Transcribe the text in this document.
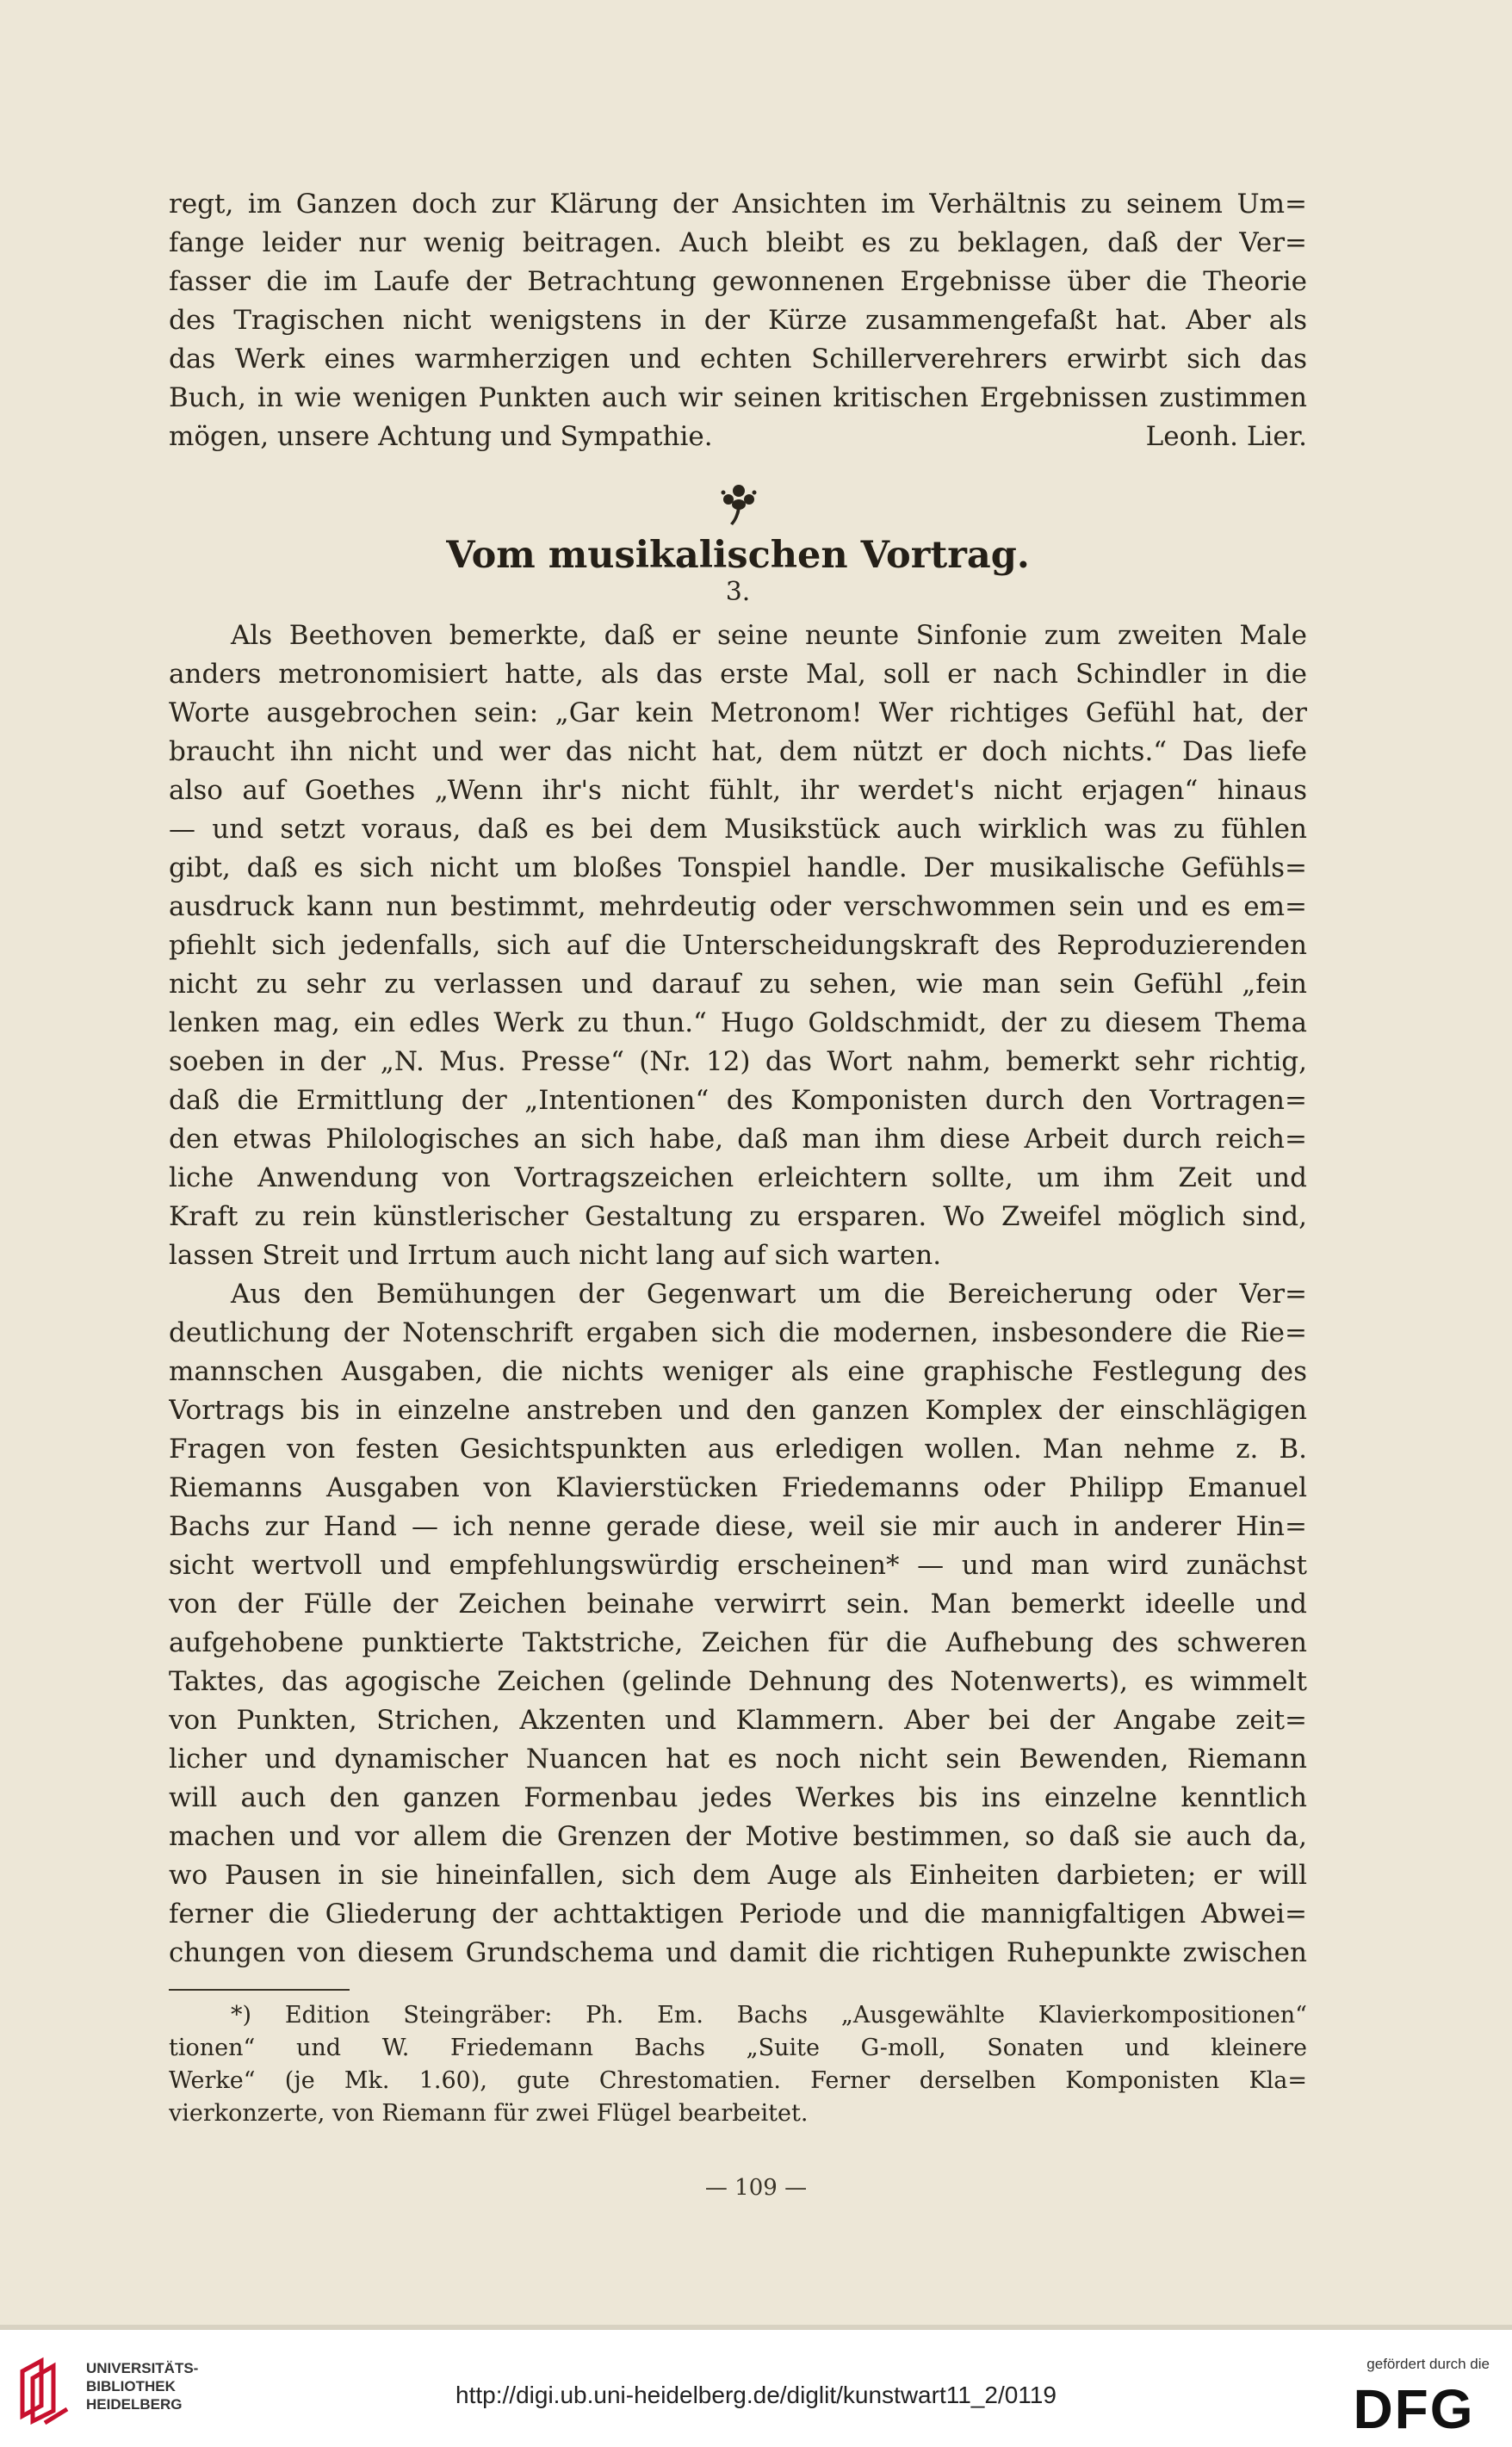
regt, im Ganzen doch zur Klärung der Ansichten im Verhältnis zu seinem Um=
fange leider nur wenig beitragen. Auch bleibt es zu beklagen, daß der Ver=
fasser die im Laufe der Betrachtung gewonnenen Ergebnisse über die Theorie
des Tragischen nicht wenigstens in der Kürze zusammengefaßt hat. Aber als
das Werk eines warmherzigen und echten Schillerverehrers erwirbt sich das
Buch, in wie wenigen Punkten auch wir seinen kritischen Ergebnissen zustimmen
mögen, unsere Achtung und Sympathie.	Leonh. Lier.
Vom musikalischen Vortrag.
3.
Als Beethoven bemerkte, daß er seine neunte Sinfonie zum zweiten Male
anders metronomisiert hatte, als das erste Mal, soll er nach Schindler in die
Worte ausgebrochen sein: „Gar kein Metronom! Wer richtiges Gefühl hat, der
braucht ihn nicht und wer das nicht hat, dem nützt er doch nichts.“ Das liefe
also auf Goethes „Wenn ihr's nicht fühlt, ihr werdet's nicht erjagen“ hinaus
— und setzt voraus, daß es bei dem Musikstück auch wirklich was zu fühlen
gibt, daß es sich nicht um bloßes Tonspiel handle. Der musikalische Gefühls=
ausdruck kann nun bestimmt, mehrdeutig oder verschwommen sein und es em=
pfiehlt sich jedenfalls, sich auf die Unterscheidungskraft des Reproduzierenden
nicht zu sehr zu verlassen und darauf zu sehen, wie man sein Gefühl „fein
lenken mag, ein edles Werk zu thun.“ Hugo Goldschmidt, der zu diesem Thema
soeben in der „N. Mus. Presse“ (Nr. 12) das Wort nahm, bemerkt sehr richtig,
daß die Ermittlung der „Intentionen“ des Komponisten durch den Vortragen=
den etwas Philologisches an sich habe, daß man ihm diese Arbeit durch reich=
liche Anwendung von Vortragszeichen erleichtern sollte, um ihm Zeit und
Kraft zu rein künstlerischer Gestaltung zu ersparen. Wo Zweifel möglich sind,
lassen Streit und Irrtum auch nicht lang auf sich warten.
Aus den Bemühungen der Gegenwart um die Bereicherung oder Ver=
deutlichung der Notenschrift ergaben sich die modernen, insbesondere die Rie=
mannschen Ausgaben, die nichts weniger als eine graphische Festlegung des
Vortrags bis in einzelne anstreben und den ganzen Komplex der einschlägigen
Fragen von festen Gesichtspunkten aus erledigen wollen. Man nehme z. B.
Riemanns Ausgaben von Klavierstücken Friedemanns oder Philipp Emanuel
Bachs zur Hand — ich nenne gerade diese, weil sie mir auch in anderer Hin=
sicht wertvoll und empfehlungswürdig erscheinen* — und man wird zunächst
von der Fülle der Zeichen beinahe verwirrt sein. Man bemerkt ideelle und
aufgehobene punktierte Taktstriche, Zeichen für die Aufhebung des schweren
Taktes, das agogische Zeichen (gelinde Dehnung des Notenwerts), es wimmelt
von Punkten, Strichen, Akzenten und Klammern. Aber bei der Angabe zeit=
licher und dynamischer Nuancen hat es noch nicht sein Bewenden, Riemann
will auch den ganzen Formenbau jedes Werkes bis ins einzelne kenntlich
machen und vor allem die Grenzen der Motive bestimmen, so daß sie auch da,
wo Pausen in sie hineinfallen, sich dem Auge als Einheiten darbieten; er will
ferner die Gliederung der achttaktigen Periode und die mannigfaltigen Abwei=
chungen von diesem Grundschema und damit die richtigen Ruhepunkte zwischen
*) Edition Steingräber: Ph. Em. Bachs „Ausgewählte Klavierkompositionen“
tionen“ und W. Friedemann Bachs „Suite G-moll, Sonaten und kleinere
Werke“ (je Mk. 1.60), gute Chrestomatien. Ferner derselben Komponisten Kla=
vierkonzerte, von Riemann für zwei Flügel bearbeitet.
— 109 —
UNIVERSITÄTS-
BIBLIOTHEK
HEIDELBERG	http://digi.ub.uni-heidelberg.de/diglit/kunstwart11_2/0119
gefördert durch die
DFG
